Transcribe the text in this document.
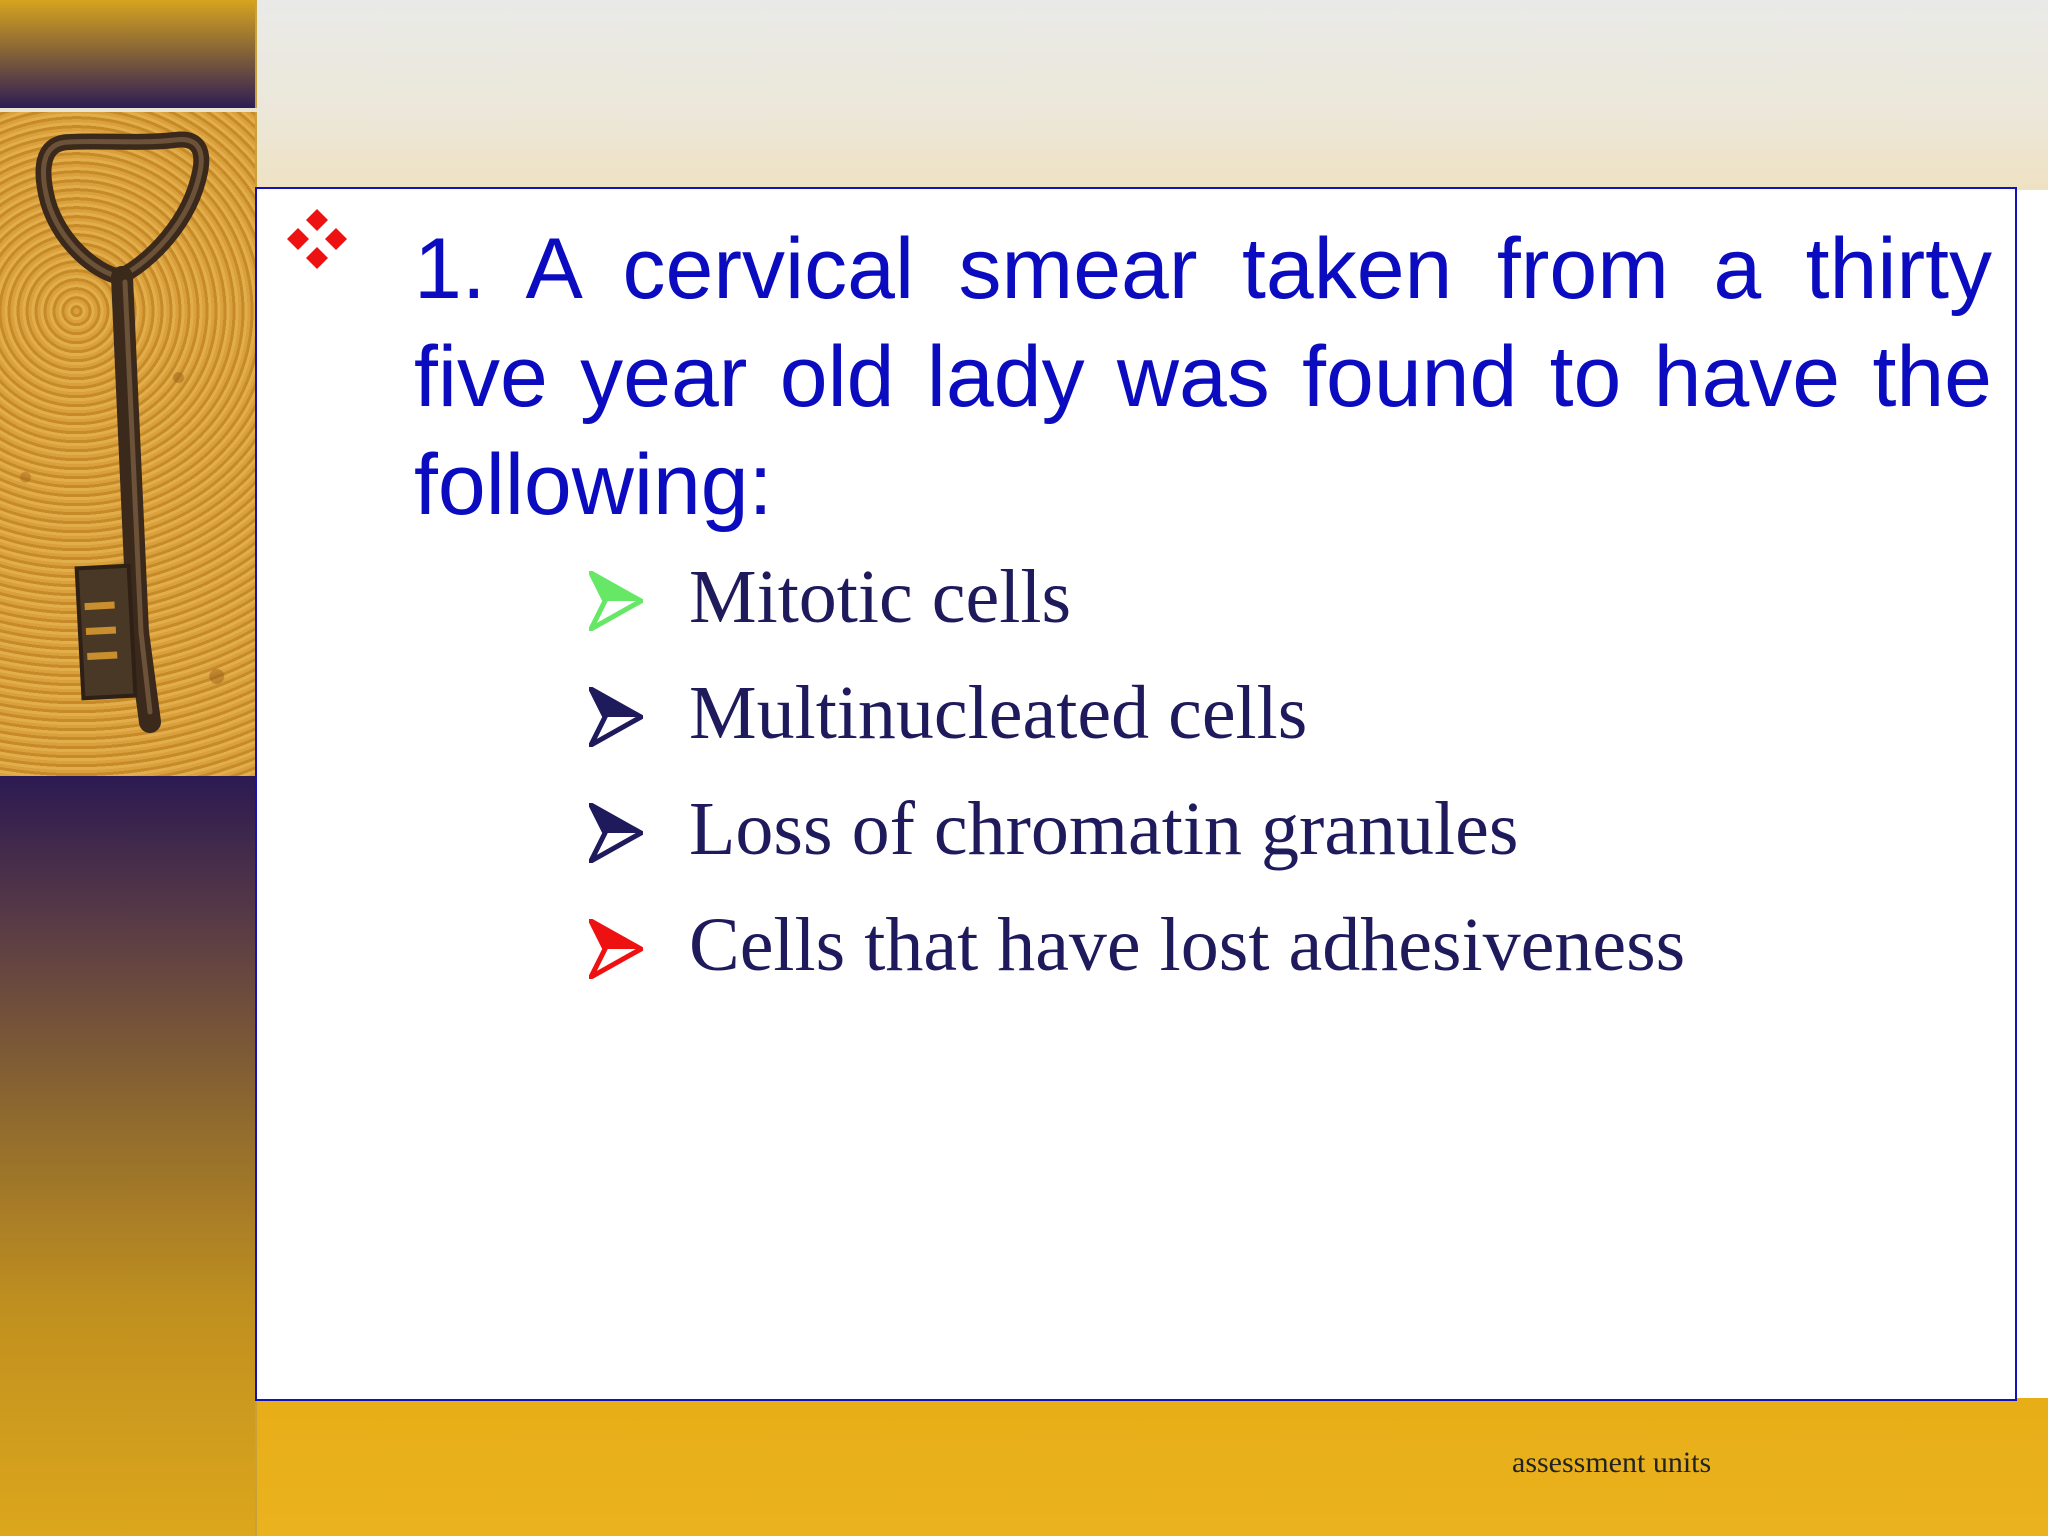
1. A cervical smear taken from a thirty five year old lady was found to have the following:
Mitotic cells
Multinucleated cells
Loss of chromatin granules
Cells that have lost adhesiveness
assessment units
